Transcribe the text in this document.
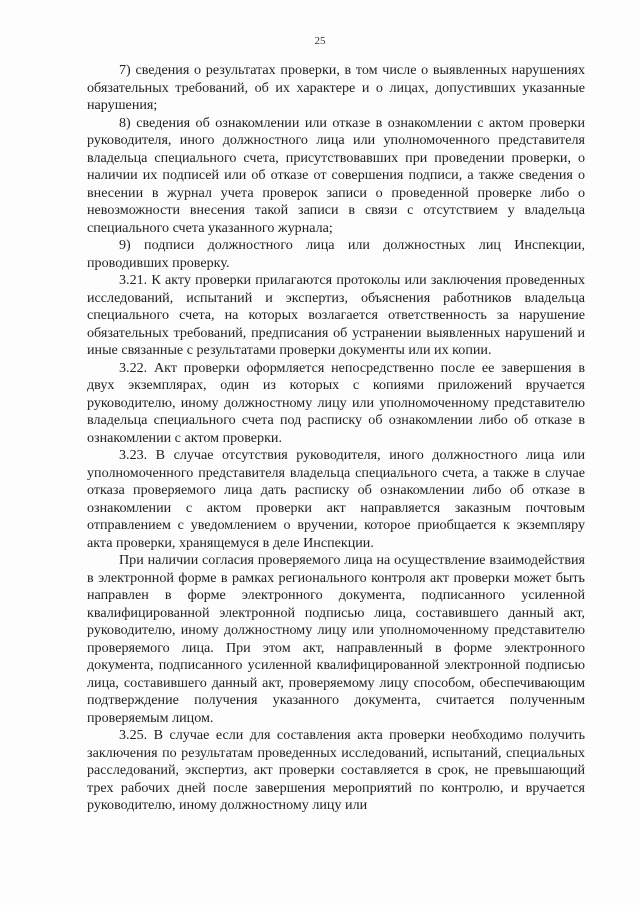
25

7) сведения о результатах проверки, в том числе о выявленных нарушениях обязательных требований, об их характере и о лицах, допустивших указанные нарушения;

8) сведения об ознакомлении или отказе в ознакомлении с актом проверки руководителя, иного должностного лица или уполномоченного представителя владельца специального счета, присутствовавших при проведении проверки, о наличии их подписей или об отказе от совершения подписи, а также сведения о внесении в журнал учета проверок записи о проведенной проверке либо о невозможности внесения такой записи в связи с отсутствием у владельца специального счета указанного журнала;

9) подписи должностного лица или должностных лиц Инспекции, проводивших проверку.

3.21. К акту проверки прилагаются протоколы или заключения проведенных исследований, испытаний и экспертиз, объяснения работников владельца специального счета, на которых возлагается ответственность за нарушение обязательных требований, предписания об устранении выявленных нарушений и иные связанные с результатами проверки документы или их копии.

3.22. Акт проверки оформляется непосредственно после ее завершения в двух экземплярах, один из которых с копиями приложений вручается руководителю, иному должностному лицу или уполномоченному представителю владельца специального счета под расписку об ознакомлении либо об отказе в ознакомлении с актом проверки.

3.23. В случае отсутствия руководителя, иного должностного лица или уполномоченного представителя владельца специального счета, а также в случае отказа проверяемого лица дать расписку об ознакомлении либо об отказе в ознакомлении с актом проверки акт направляется заказным почтовым отправлением с уведомлением о вручении, которое приобщается к экземпляру акта проверки, хранящемуся в деле Инспекции.

При наличии согласия проверяемого лица на осуществление взаимодействия в электронной форме в рамках регионального контроля акт проверки может быть направлен в форме электронного документа, подписанного усиленной квалифицированной электронной подписью лица, составившего данный акт, руководителю, иному должностному лицу или уполномоченному представителю проверяемого лица. При этом акт, направленный в форме электронного документа, подписанного усиленной квалифицированной электронной подписью лица, составившего данный акт, проверяемому лицу способом, обеспечивающим подтверждение получения указанного документа, считается полученным проверяемым лицом.

3.25. В случае если для составления акта проверки необходимо получить заключения по результатам проведенных исследований, испытаний, специальных расследований, экспертиз, акт проверки составляется в срок, не превышающий трех рабочих дней после завершения мероприятий по контролю, и вручается руководителю, иному должностному лицу или
